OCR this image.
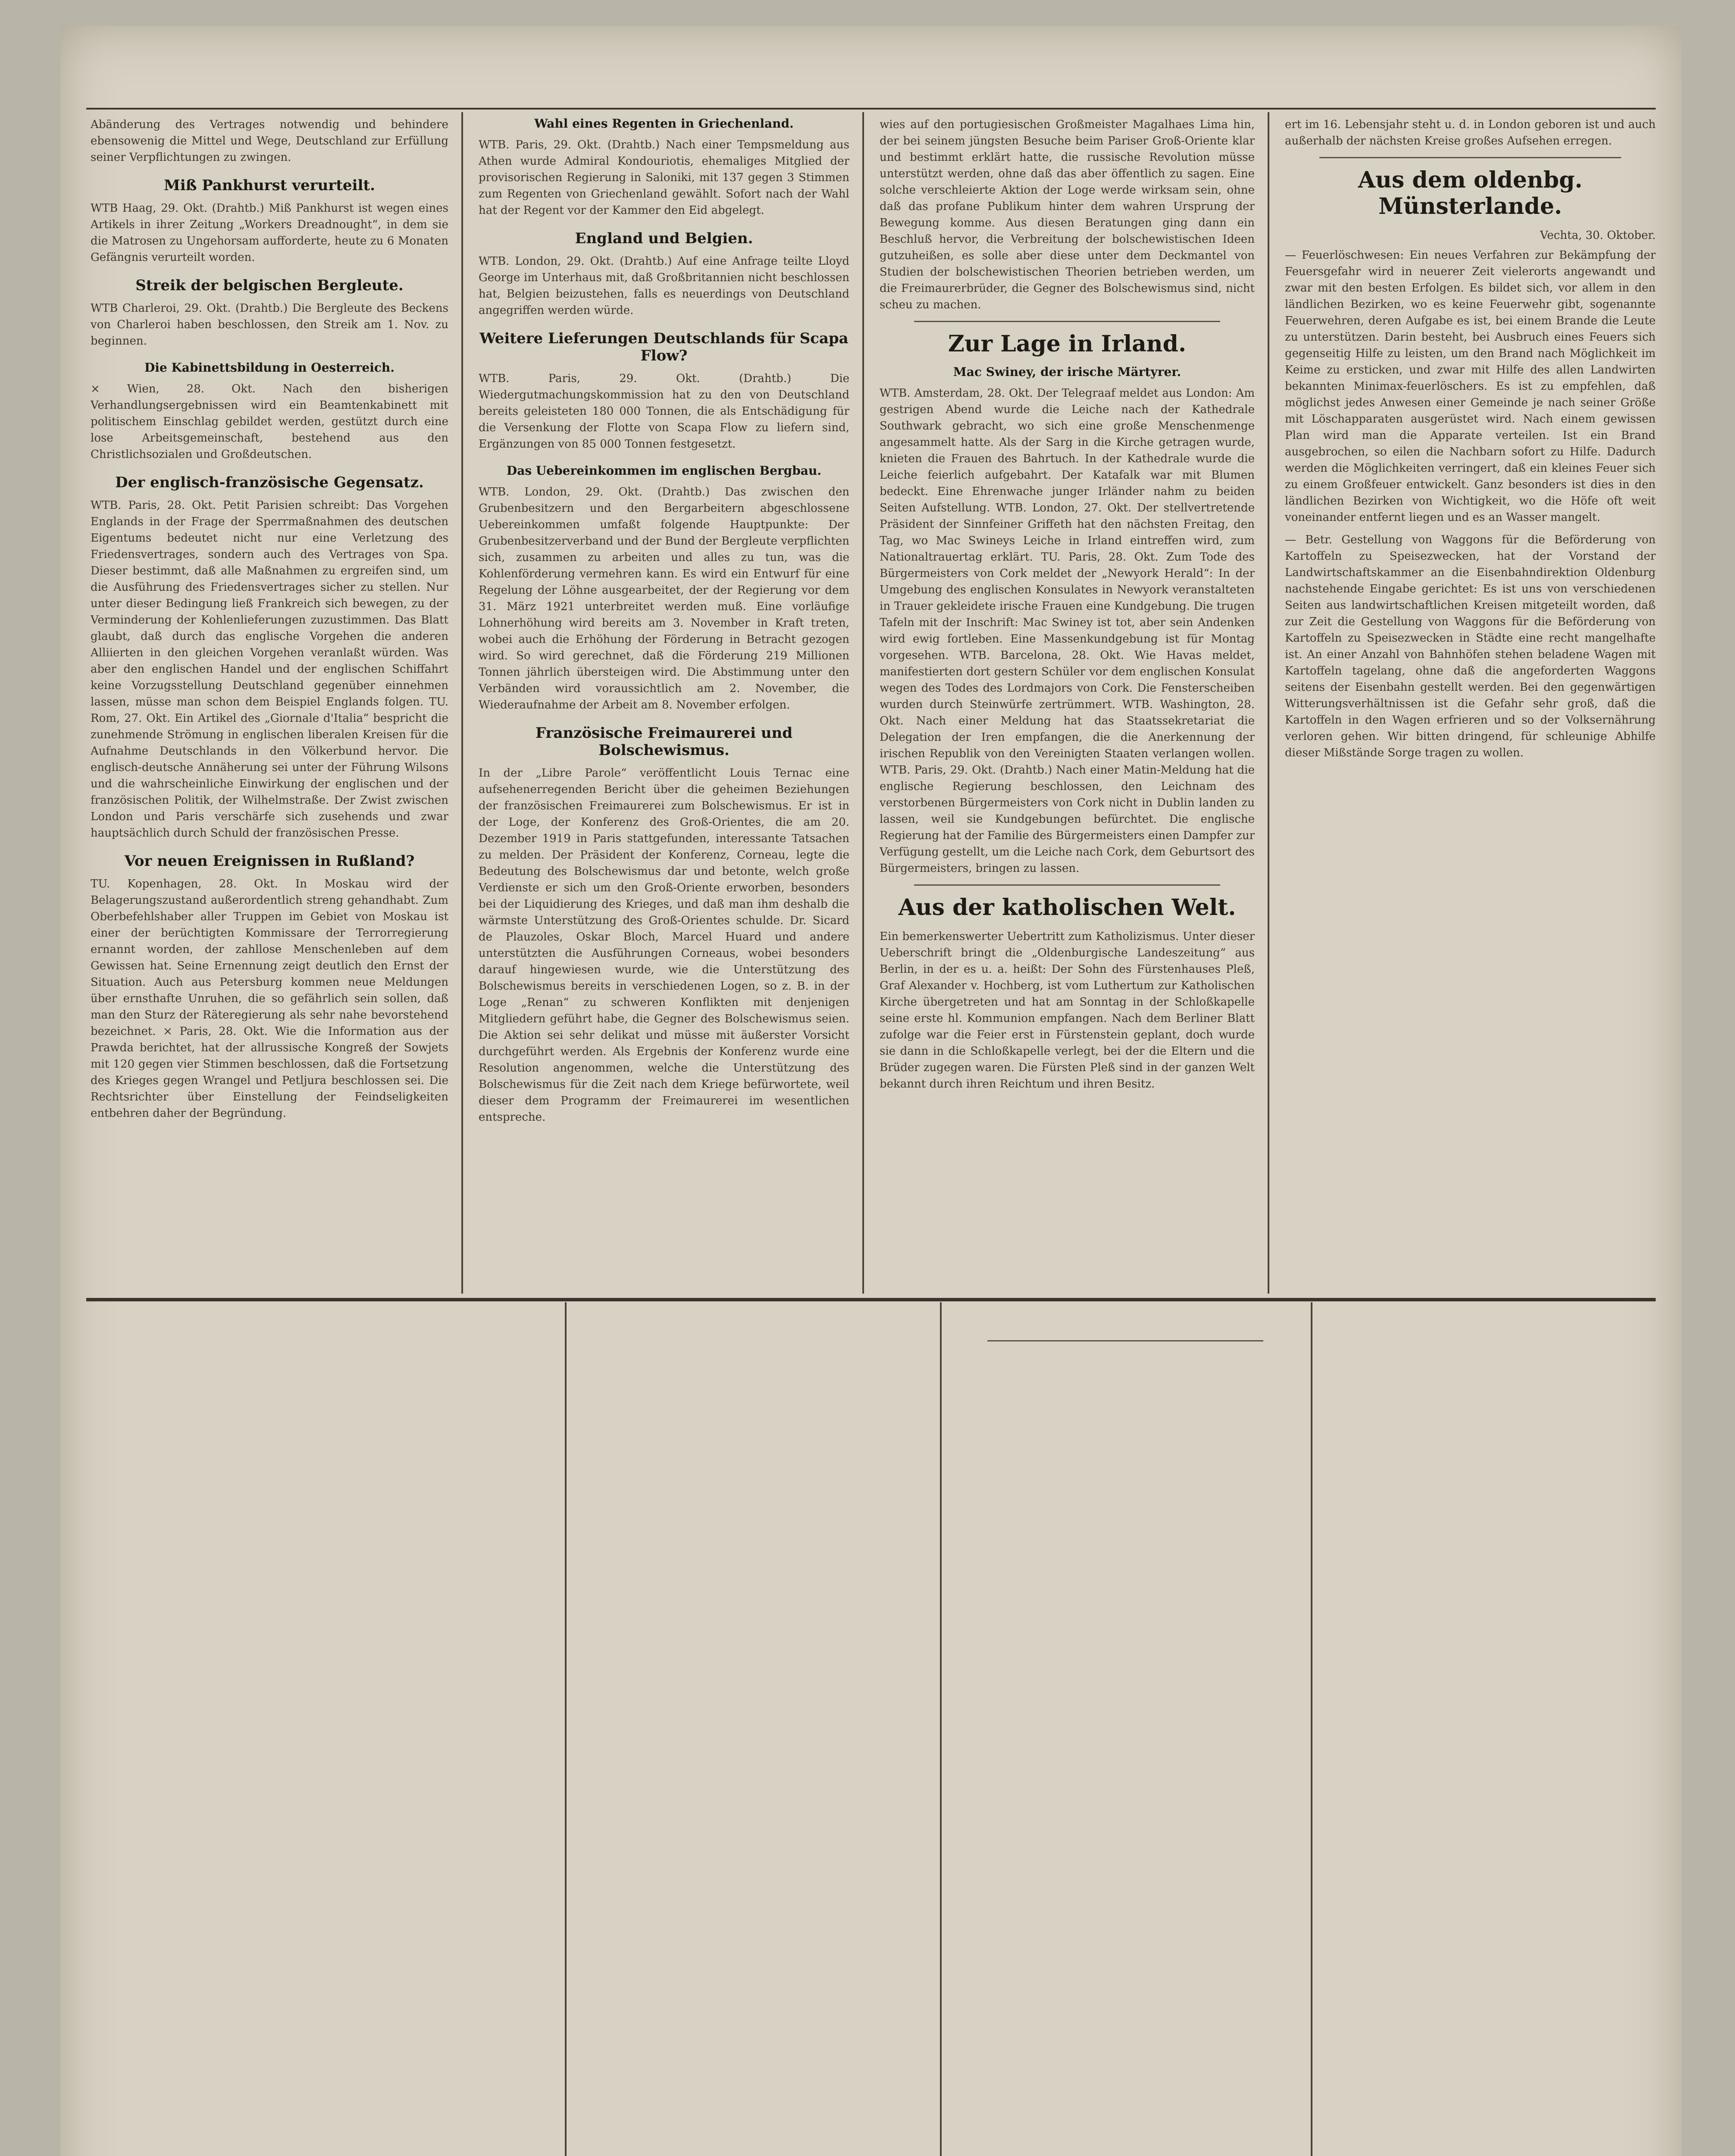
Abänderung des Vertrages notwendig und behindere ebensowenig die Mittel und Wege, Deutschland zur Erfüllung seiner Verpflichtungen zu zwingen.

Miß Pankhurst verurteilt.

WTB Haag, 29. Okt. (Drahtb.) Miß Pankhurst ist wegen eines Artikels in ihrer Zeitung „Workers Dreadnought“, in dem sie die Matrosen zu Ungehorsam aufforderte, heute zu 6 Monaten Gefängnis verurteilt worden.

Streik der belgischen Bergleute.

WTB Charleroi, 29. Okt. (Drahtb.) Die Bergleute des Beckens von Charleroi haben beschlossen, den Streik am 1. Nov. zu beginnen.

Die Kabinettsbildung in Oesterreich.

× Wien, 28. Okt. Nach den bisherigen Verhandlungsergebnissen wird ein Beamtenkabinett mit politischem Einschlag gebildet werden, gestützt durch eine lose Arbeitsgemeinschaft, bestehend aus den Christlichsozialen und Großdeutschen.

Der englisch-französische Gegensatz.

WTB. Paris, 28. Okt. Petit Parisien schreibt: Das Vorgehen Englands in der Frage der Sperrmaßnahmen des deutschen Eigentums bedeutet nicht nur eine Verletzung des Friedensvertrages, sondern auch des Vertrages von Spa. Dieser bestimmt, daß alle Maßnahmen zu ergreifen sind, um die Ausführung des Friedensvertrages sicher zu stellen. Nur unter dieser Bedingung ließ Frankreich sich bewegen, zu der Verminderung der Kohlenlieferungen zuzustimmen. Das Blatt glaubt, daß durch das englische Vorgehen die anderen Alliierten in den gleichen Vorgehen veranlaßt würden. Was aber den englischen Handel und der englischen Schiffahrt keine Vorzugsstellung Deutschland gegenüber einnehmen lassen, müsse man schon dem Beispiel Englands folgen. TU. Rom, 27. Okt. Ein Artikel des „Giornale d'Italia“ bespricht die zunehmende Strömung in englischen liberalen Kreisen für die Aufnahme Deutschlands in den Völkerbund hervor. Die englisch-deutsche Annäherung sei unter der Führung Wilsons und die wahrscheinliche Einwirkung der englischen und der französischen Politik, der Wilhelmstraße. Der Zwist zwischen London und Paris verschärfe sich zusehends und zwar hauptsächlich durch Schuld der französischen Presse.

Vor neuen Ereignissen in Rußland?

TU. Kopenhagen, 28. Okt. In Moskau wird der Belagerungszustand außerordentlich streng gehandhabt. Zum Oberbefehlshaber aller Truppen im Gebiet von Moskau ist einer der berüchtigten Kommissare der Terrorregierung ernannt worden, der zahllose Menschenleben auf dem Gewissen hat. Seine Ernennung zeigt deutlich den Ernst der Situation. Auch aus Petersburg kommen neue Meldungen über ernsthafte Unruhen, die so gefährlich sein sollen, daß man den Sturz der Räteregierung als sehr nahe bevorstehend bezeichnet. × Paris, 28. Okt. Wie die Information aus der Prawda berichtet, hat der allrussische Kongreß der Sowjets mit 120 gegen vier Stimmen beschlossen, daß die Fortsetzung des Krieges gegen Wrangel und Petljura beschlossen sei. Die Rechtsrichter über Einstellung der Feindseligkeiten entbehren daher der Begründung.

Wahl eines Regenten in Griechenland.

WTB. Paris, 29. Okt. (Drahtb.) Nach einer Tempsmeldung aus Athen wurde Admiral Kondouriotis, ehemaliges Mitglied der provisorischen Regierung in Saloniki, mit 137 gegen 3 Stimmen zum Regenten von Griechenland gewählt. Sofort nach der Wahl hat der Regent vor der Kammer den Eid abgelegt.

England und Belgien.

WTB. London, 29. Okt. (Drahtb.) Auf eine Anfrage teilte Lloyd George im Unterhaus mit, daß Großbritannien nicht beschlossen hat, Belgien beizustehen, falls es neuerdings von Deutschland angegriffen werden würde.

Weitere Lieferungen Deutschlands für Scapa Flow?

WTB. Paris, 29. Okt. (Drahtb.) Die Wiedergutmachungskommission hat zu den von Deutschland bereits geleisteten 180 000 Tonnen, die als Entschädigung für die Versenkung der Flotte von Scapa Flow zu liefern sind, Ergänzungen von 85 000 Tonnen festgesetzt.

Das Uebereinkommen im englischen Bergbau.

WTB. London, 29. Okt. (Drahtb.) Das zwischen den Grubenbesitzern und den Bergarbeitern abgeschlossene Uebereinkommen umfaßt folgende Hauptpunkte: Der Grubenbesitzerverband und der Bund der Bergleute verpflichten sich, zusammen zu arbeiten und alles zu tun, was die Kohlenförderung vermehren kann. Es wird ein Entwurf für eine Regelung der Löhne ausgearbeitet, der der Regierung vor dem 31. März 1921 unterbreitet werden muß. Eine vorläufige Lohnerhöhung wird bereits am 3. November in Kraft treten, wobei auch die Erhöhung der Förderung in Betracht gezogen wird. So wird gerechnet, daß die Förderung 219 Millionen Tonnen jährlich übersteigen wird. Die Abstimmung unter den Verbänden wird voraussichtlich am 2. November, die Wiederaufnahme der Arbeit am 8. November erfolgen.

Französische Freimaurerei und Bolschewismus.

In der „Libre Parole“ veröffentlicht Louis Ternac eine aufsehenerregenden Bericht über die geheimen Beziehungen der französischen Freimaurerei zum Bolschewismus. Er ist in der Loge, der Konferenz des Groß-Orientes, die am 20. Dezember 1919 in Paris stattgefunden, interessante Tatsachen zu melden. Der Präsident der Konferenz, Corneau, legte die Bedeutung des Bolschewismus dar und betonte, welch große Verdienste er sich um den Groß-Oriente erworben, besonders bei der Liquidierung des Krieges, und daß man ihm deshalb die wärmste Unterstützung des Groß-Orientes schulde. Dr. Sicard de Plauzoles, Oskar Bloch, Marcel Huard und andere unterstützten die Ausführungen Corneaus, wobei besonders darauf hingewiesen wurde, wie die Unterstützung des Bolschewismus bereits in verschiedenen Logen, so z. B. in der Loge „Renan“ zu schweren Konflikten mit denjenigen Mitgliedern geführt habe, die Gegner des Bolschewismus seien. Die Aktion sei sehr delikat und müsse mit äußerster Vorsicht durchgeführt werden. Als Ergebnis der Konferenz wurde eine Resolution angenommen, welche die Unterstützung des Bolschewismus für die Zeit nach dem Kriege befürwortete, weil dieser dem Programm der Freimaurerei im wesentlichen entspreche.

wies auf den portugiesischen Großmeister Magalhaes Lima hin, der bei seinem jüngsten Besuche beim Pariser Groß-Oriente klar und bestimmt erklärt hatte, die russische Revolution müsse unterstützt werden, ohne daß das aber öffentlich zu sagen. Eine solche verschleierte Aktion der Loge werde wirksam sein, ohne daß das profane Publikum hinter dem wahren Ursprung der Bewegung komme. Aus diesen Beratungen ging dann ein Beschluß hervor, die Verbreitung der bolschewistischen Ideen gutzuheißen, es solle aber diese unter dem Deckmantel von Studien der bolschewistischen Theorien betrieben werden, um die Freimaurerbrüder, die Gegner des Bolschewismus sind, nicht scheu zu machen.

Zur Lage in Irland.
Mac Swiney, der irische Märtyrer.

WTB. Amsterdam, 28. Okt. Der Telegraaf meldet aus London: Am gestrigen Abend wurde die Leiche nach der Kathedrale Southwark gebracht, wo sich eine große Menschenmenge angesammelt hatte. Als der Sarg in die Kirche getragen wurde, knieten die Frauen des Bahrtuch. In der Kathedrale wurde die Leiche feierlich aufgebahrt. Der Katafalk war mit Blumen bedeckt. Eine Ehrenwache junger Irländer nahm zu beiden Seiten Aufstellung. WTB. London, 27. Okt. Der stellvertretende Präsident der Sinnfeiner Griffeth hat den nächsten Freitag, den Tag, wo Mac Swineys Leiche in Irland eintreffen wird, zum Nationaltrauertag erklärt. TU. Paris, 28. Okt. Zum Tode des Bürgermeisters von Cork meldet der „Newyork Herald“: In der Umgebung des englischen Konsulates in Newyork veranstalteten in Trauer gekleidete irische Frauen eine Kundgebung. Die trugen Tafeln mit der Inschrift: Mac Swiney ist tot, aber sein Andenken wird ewig fortleben. Eine Massenkundgebung ist für Montag vorgesehen. WTB. Barcelona, 28. Okt. Wie Havas meldet, manifestierten dort gestern Schüler vor dem englischen Konsulat wegen des Todes des Lordmajors von Cork. Die Fensterscheiben wurden durch Steinwürfe zertrümmert. WTB. Washington, 28. Okt. Nach einer Meldung hat das Staatssekretariat die Delegation der Iren empfangen, die die Anerkennung der irischen Republik von den Vereinigten Staaten verlangen wollen. WTB. Paris, 29. Okt. (Drahtb.) Nach einer Matin-Meldung hat die englische Regierung beschlossen, den Leichnam des verstorbenen Bürgermeisters von Cork nicht in Dublin landen zu lassen, weil sie Kundgebungen befürchtet. Die englische Regierung hat der Familie des Bürgermeisters einen Dampfer zur Verfügung gestellt, um die Leiche nach Cork, dem Geburtsort des Bürgermeisters, bringen zu lassen.

Aus der katholischen Welt.

Ein bemerkenswerter Uebertritt zum Katholizismus. Unter dieser Ueberschrift bringt die „Oldenburgische Landeszeitung“ aus Berlin, in der es u. a. heißt: Der Sohn des Fürstenhauses Pleß, Graf Alexander v. Hochberg, ist vom Luthertum zur Katholischen Kirche übergetreten und hat am Sonntag in der Schloßkapelle seine erste hl. Kommunion empfangen. Nach dem Berliner Blatt zufolge war die Feier erst in Fürstenstein geplant, doch wurde sie dann in die Schloßkapelle verlegt, bei der die Eltern und die Brüder zugegen waren. Die Fürsten Pleß sind in der ganzen Welt bekannt durch ihren Reichtum und ihren Besitz.

ert im 16. Lebensjahr steht u. d. in London geboren ist und auch außerhalb der nächsten Kreise großes Aufsehen erregen.

Aus dem oldenbg. Münsterlande.

Vechta, 30. Oktober.

— Feuerlöschwesen: Ein neues Verfahren zur Bekämpfung der Feuersgefahr wird in neuerer Zeit vielerorts angewandt und zwar mit den besten Erfolgen. Es bildet sich, vor allem in den ländlichen Bezirken, wo es keine Feuerwehr gibt, sogenannte Feuerwehren, deren Aufgabe es ist, bei einem Brande die Leute zu unterstützen. Darin besteht, bei Ausbruch eines Feuers sich gegenseitig Hilfe zu leisten, um den Brand nach Möglichkeit im Keime zu ersticken, und zwar mit Hilfe des allen Landwirten bekannten Minimax-feuerlöschers. Es ist zu empfehlen, daß möglichst jedes Anwesen einer Gemeinde je nach seiner Größe mit Löschapparaten ausgerüstet wird. Nach einem gewissen Plan wird man die Apparate verteilen. Ist ein Brand ausgebrochen, so eilen die Nachbarn sofort zu Hilfe. Dadurch werden die Möglichkeiten verringert, daß ein kleines Feuer sich zu einem Großfeuer entwickelt. Ganz besonders ist dies in den ländlichen Bezirken von Wichtigkeit, wo die Höfe oft weit voneinander entfernt liegen und es an Wasser mangelt.

— Betr. Gestellung von Waggons für die Beförderung von Kartoffeln zu Speisezwecken, hat der Vorstand der Landwirtschaftskammer an die Eisenbahndirektion Oldenburg nachstehende Eingabe gerichtet: Es ist uns von verschiedenen Seiten aus landwirtschaftlichen Kreisen mitgeteilt worden, daß zur Zeit die Gestellung von Waggons für die Beförderung von Kartoffeln zu Speisezwecken in Städte eine recht mangelhafte ist. An einer Anzahl von Bahnhöfen stehen beladene Wagen mit Kartoffeln tagelang, ohne daß die angeforderten Waggons seitens der Eisenbahn gestellt werden. Bei den gegenwärtigen Witterungsverhältnissen ist die Gefahr sehr groß, daß die Kartoffeln in den Wagen erfrieren und so der Volksernährung verloren gehen. Wir bitten dringend, für schleunige Abhilfe dieser Mißstände Sorge tragen zu wollen.
